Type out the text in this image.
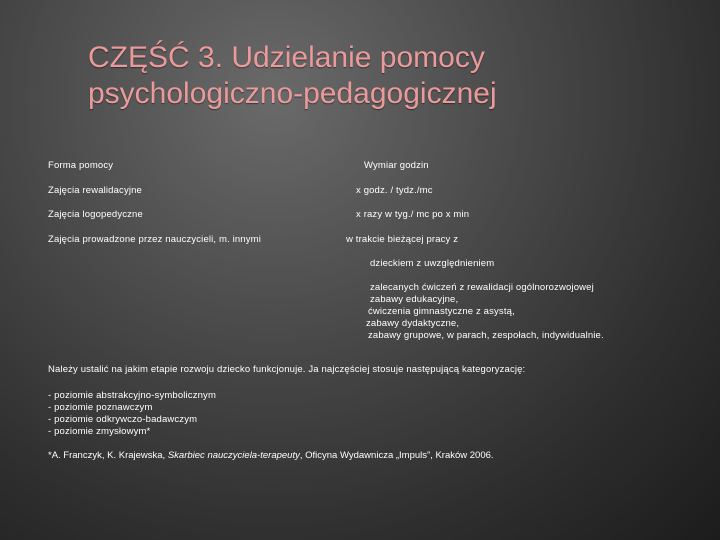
CZĘŚĆ 3. Udzielanie pomocy psychologiczno-pedagogicznej
Forma pomocy	Wymiar godzin
Zajęcia rewalidacyjne	x godz. / tydz./mc
Zajęcia logopedyczne	x razy w tyg./ mc po x min
Zajęcia prowadzone przez nauczycieli, m. innymi	w trakcie bieżącej pracy z
dzieckiem z uwzględnieniem
zalecanych ćwiczeń z rewalidacji ogólnorozwojowej
zabawy edukacyjne,
ćwiczenia gimnastyczne z asystą,
zabawy dydaktyczne,
zabawy grupowe, w parach, zespołach, indywidualnie.
Należy ustalić na jakim etapie rozwoju dziecko funkcjonuje. Ja najczęściej stosuje następującą kategoryzację:
- poziomie abstrakcyjno-symbolicznym
- poziomie poznawczym
- poziomie odkrywczo-badawczym
- poziomie zmysłowym*
*A. Franczyk, K. Krajewska, Skarbiec nauczyciela-terapeuty, Oficyna Wydawnicza „Impuls”, Kraków 2006.
